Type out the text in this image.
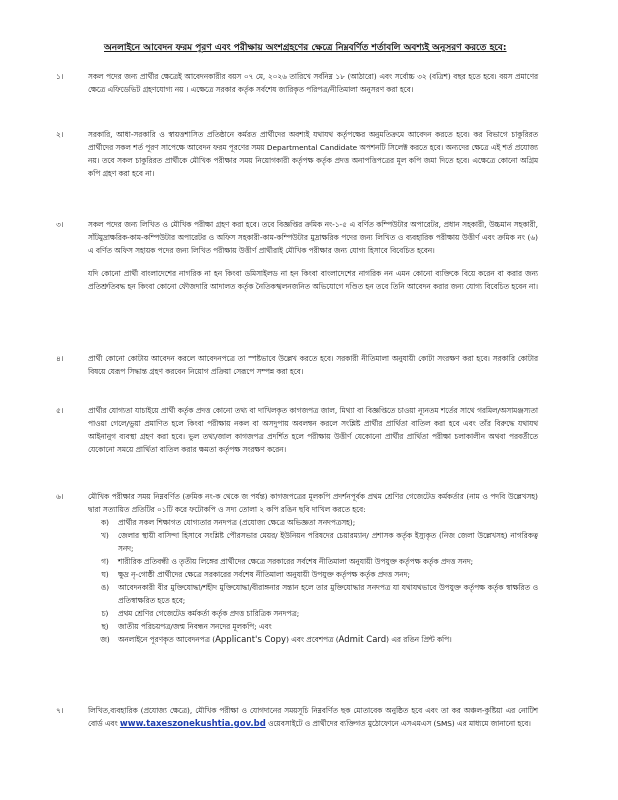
অনলাইনে আবেদন ফরম পূরণ এবং পরীক্ষায় অংশগ্রহণের ক্ষেত্রে নিম্নবর্ণিত শর্তাবলি অবশ্যই অনুসরণ করতে হবে:
১।	সকল পদের জন্য প্রার্থীর ক্ষেত্রেই আবেদনকারীর বয়স ০৭ মে, ২০২৬ তারিখে সর্বনিম্ন ১৮ (আঠারো) এবং সর্বোচ্চ ৩২ (বত্রিশ) বছর হতে হবে। বয়স প্রমাণের ক্ষেত্রে এফিডেভিট গ্রহণযোগ্য নয় । এক্ষেত্রে সরকার কর্তৃক সর্বশেষ জারিকৃত পরিপত্র/নীতিমালা অনুসরণ করা হবে।
২।	সরকারি, আধা-সরকারি ও স্বায়ত্তশাসিত প্রতিষ্ঠানে কর্মরত প্রার্থীদের অবশ্যই যথাযথ কর্তৃপক্ষের অনুমতিক্রমে আবেদন করতে হবে। কর বিভাগে চাকুরিরত প্রার্থীদের সকল শর্ত পূরণ সাপেক্ষে আবেদন ফরম পূরণের সময় Departmental Candidate অপশনটি সিলেক্ট করতে হবে। অন্যদের ক্ষেত্রে এই শর্ত প্রযোজ্য নয়। তবে সকল চাকুরিরত প্রার্থীকে মৌখিক পরীক্ষার সময় নিয়োগকারী কর্তৃপক্ষ কর্তৃক প্রদত্ত অনাপত্তিপত্রের মূল কপি জমা দিতে হবে। এক্ষেত্রে কোনো অগ্রিম কপি গ্রহণ করা হবে না।
৩।	সকল পদের জন্য লিখিত ও মৌখিক পরীক্ষা গ্রহণ করা হবে। তবে বিজ্ঞপ্তির ক্রমিক নং-১-৫ এ বর্ণিত কম্পিউটার অপারেটর, প্রধান সহকারী, উচ্চমান সহকারী, সাঁটমুদ্রাক্ষরিক-কাম-কম্পিউটার অপারেটর ও অফিস সহকারী-কাম-কম্পিউটার মুদ্রাক্ষরিক পদের জন্য লিখিত ও ব্যবহারিক পরীক্ষায় উত্তীর্ণ এবং ক্রমিক নং (৬) এ বর্ণিত অফিস সহায়ক পদের জন্য লিখিত পরীক্ষায় উত্তীর্ণ প্রার্থীরাই মৌখিক পরীক্ষার জন্য যোগ্য হিসাবে বিবেচিত হবেন।
যদি কোনো প্রার্থী বাংলাদেশের নাগরিক না হন কিংবা ডমিসাইলড না হন কিংবা বাংলাদেশের নাগরিক নন এমন কোনো ব্যক্তিকে বিয়ে করেন বা করার জন্য প্রতিশ্রুতিবদ্ধ হন কিংবা কোনো ফৌজদারি আদালত কর্তৃক নৈতিকস্খলনজনিত অভিযোগে দণ্ডিত হন তবে তিনি আবেদন করার জন্য যোগ্য বিবেচিত হবেন না।
৪।	প্রার্থী কোনো কোটায় আবেদন করলে আবেদনপত্রে তা স্পষ্টভাবে উল্লেখ করতে হবে। সরকারী নীতিমালা অনুযায়ী কোটা সংরক্ষণ করা হবে। সরকারি কোটার বিষয়ে যেরূপ সিদ্ধান্ত গ্রহণ করবেন নিয়োগ প্রক্রিয়া সেরূপে সম্পন্ন করা হবে।
৫।	প্রার্থীর যোগ্যতা যাচাইয়ে প্রার্থী কর্তৃক প্রদত্ত কোনো তথ্য বা দাখিলকৃত কাগজপত্র জাল, মিথ্যা বা বিজ্ঞপ্তিতে চাওয়া ন্যূনতম শর্তের সাথে গরমিল/অসামঞ্জস্যতা পাওয়া গেলে/ভুয়া প্রমাণিত হলে কিংবা পরীক্ষায় নকল বা অসদুপায় অবলম্বন করলে সংশ্লিষ্ট প্রার্থীর প্রার্থিতা বাতিল করা হবে এবং তাঁর বিরুদ্ধে যথাযথ আইনানুগ ব্যবস্থা গ্রহণ করা হবে। ভুল তথ্য/জাল কাগজপত্র প্রদর্শিত হলে পরীক্ষায় উত্তীর্ণ যেকোনো প্রার্থীর প্রার্থিতা পরীক্ষা চলাকালীন অথবা পরবর্তীতে যেকোনো সময়ে প্রার্থিতা বাতিল করার ক্ষমতা কর্তৃপক্ষ সংরক্ষণ করেন।
৬।	মৌখিক পরীক্ষার সময় নিম্নবর্ণিত (ক্রমিক নং-ক থেকে জ পর্যন্ত) কাগজপত্রের মূলকপি প্রদর্শনপূর্বক প্রথম শ্রেণির গেজেটেড কর্মকর্তার (নাম ও পদবি উল্লেখসহ) দ্বারা সত্যায়িত প্রতিটির ০১টি করে ফটোকপি ও সদ্য তোলা ২ কপি রঙিন ছবি দাখিল করতে হবে:
ক)	প্রার্থীর সকল শিক্ষাগত যোগ্যতার সনদপত্র (প্রযোজ্য ক্ষেত্রে অভিজ্ঞতা সনদপত্রসহ);
খ)	জেলার স্থায়ী বাসিন্দা হিসাবে সংশ্লিষ্ট পৌরসভার মেয়র/ ইউনিয়ন পরিষদের চেয়ারম্যান/ প্রশাসক কর্তৃক ইস্যুকৃত (নিজ জেলা উল্লেখসহ) নাগরিকত্ব সনদ;
গ)	শারীরিক প্রতিবন্ধী ও তৃতীয় লিঙ্গের প্রার্থীদের ক্ষেত্রে সরকারের সর্বশেষ নীতিমালা অনুযায়ী উপযুক্ত কর্তৃপক্ষ কর্তৃক প্রদত্ত সনদ;
ঘ)	ক্ষুদ্র নৃ-গোষ্ঠী প্রার্থীদের ক্ষেত্রে সরকারের সর্বশেষ নীতিমালা অনুযায়ী উপযুক্ত কর্তৃপক্ষ কর্তৃক প্রদত্ত সনদ;
ঙ)	আবেদনকারী বীর মুক্তিযোদ্ধা/শহীদ মুক্তিযোদ্ধা/বীরাঙ্গনার সন্তান হলে তার মুক্তিযোদ্ধার সনদপত্র যা যথাযথভাবে উপযুক্ত কর্তৃপক্ষ কর্তৃক স্বাক্ষরিত ও প্রতিস্বাক্ষরিত হতে হবে;
চ)	প্রথম শ্রেণির গেজেটেড কর্মকর্তা কর্তৃক প্রদত্ত চারিত্রিক সনদপত্র;
ছ)	জাতীয় পরিচয়পত্র/জন্ম নিবন্ধন সনদের মূলকপি; এবং
জ)	অনলাইনে পূরণকৃত আবেদনপত্র (Applicant's Copy) এবং প্রবেশপত্র (Admit Card) এর রঙিন প্রিন্ট কপি।
৭।	লিখিত,ব্যবহারিক (প্রযোজ্য ক্ষেত্রে), মৌখিক পরীক্ষা ও যোগদানের সময়সূচি নিম্নবর্ণিত ছক মোতাবেক অনুষ্ঠিত হবে এবং তা কর অঞ্চল-কুষ্টিয়া এর নোটিশ বোর্ড এবং www.taxeszonekushtia.gov.bd ওয়েবসাইটে ও প্রার্থীদের ব্যক্তিগত মুঠোফোনে এসএমএস (SMS) এর মাধ্যমে জানানো হবে।
